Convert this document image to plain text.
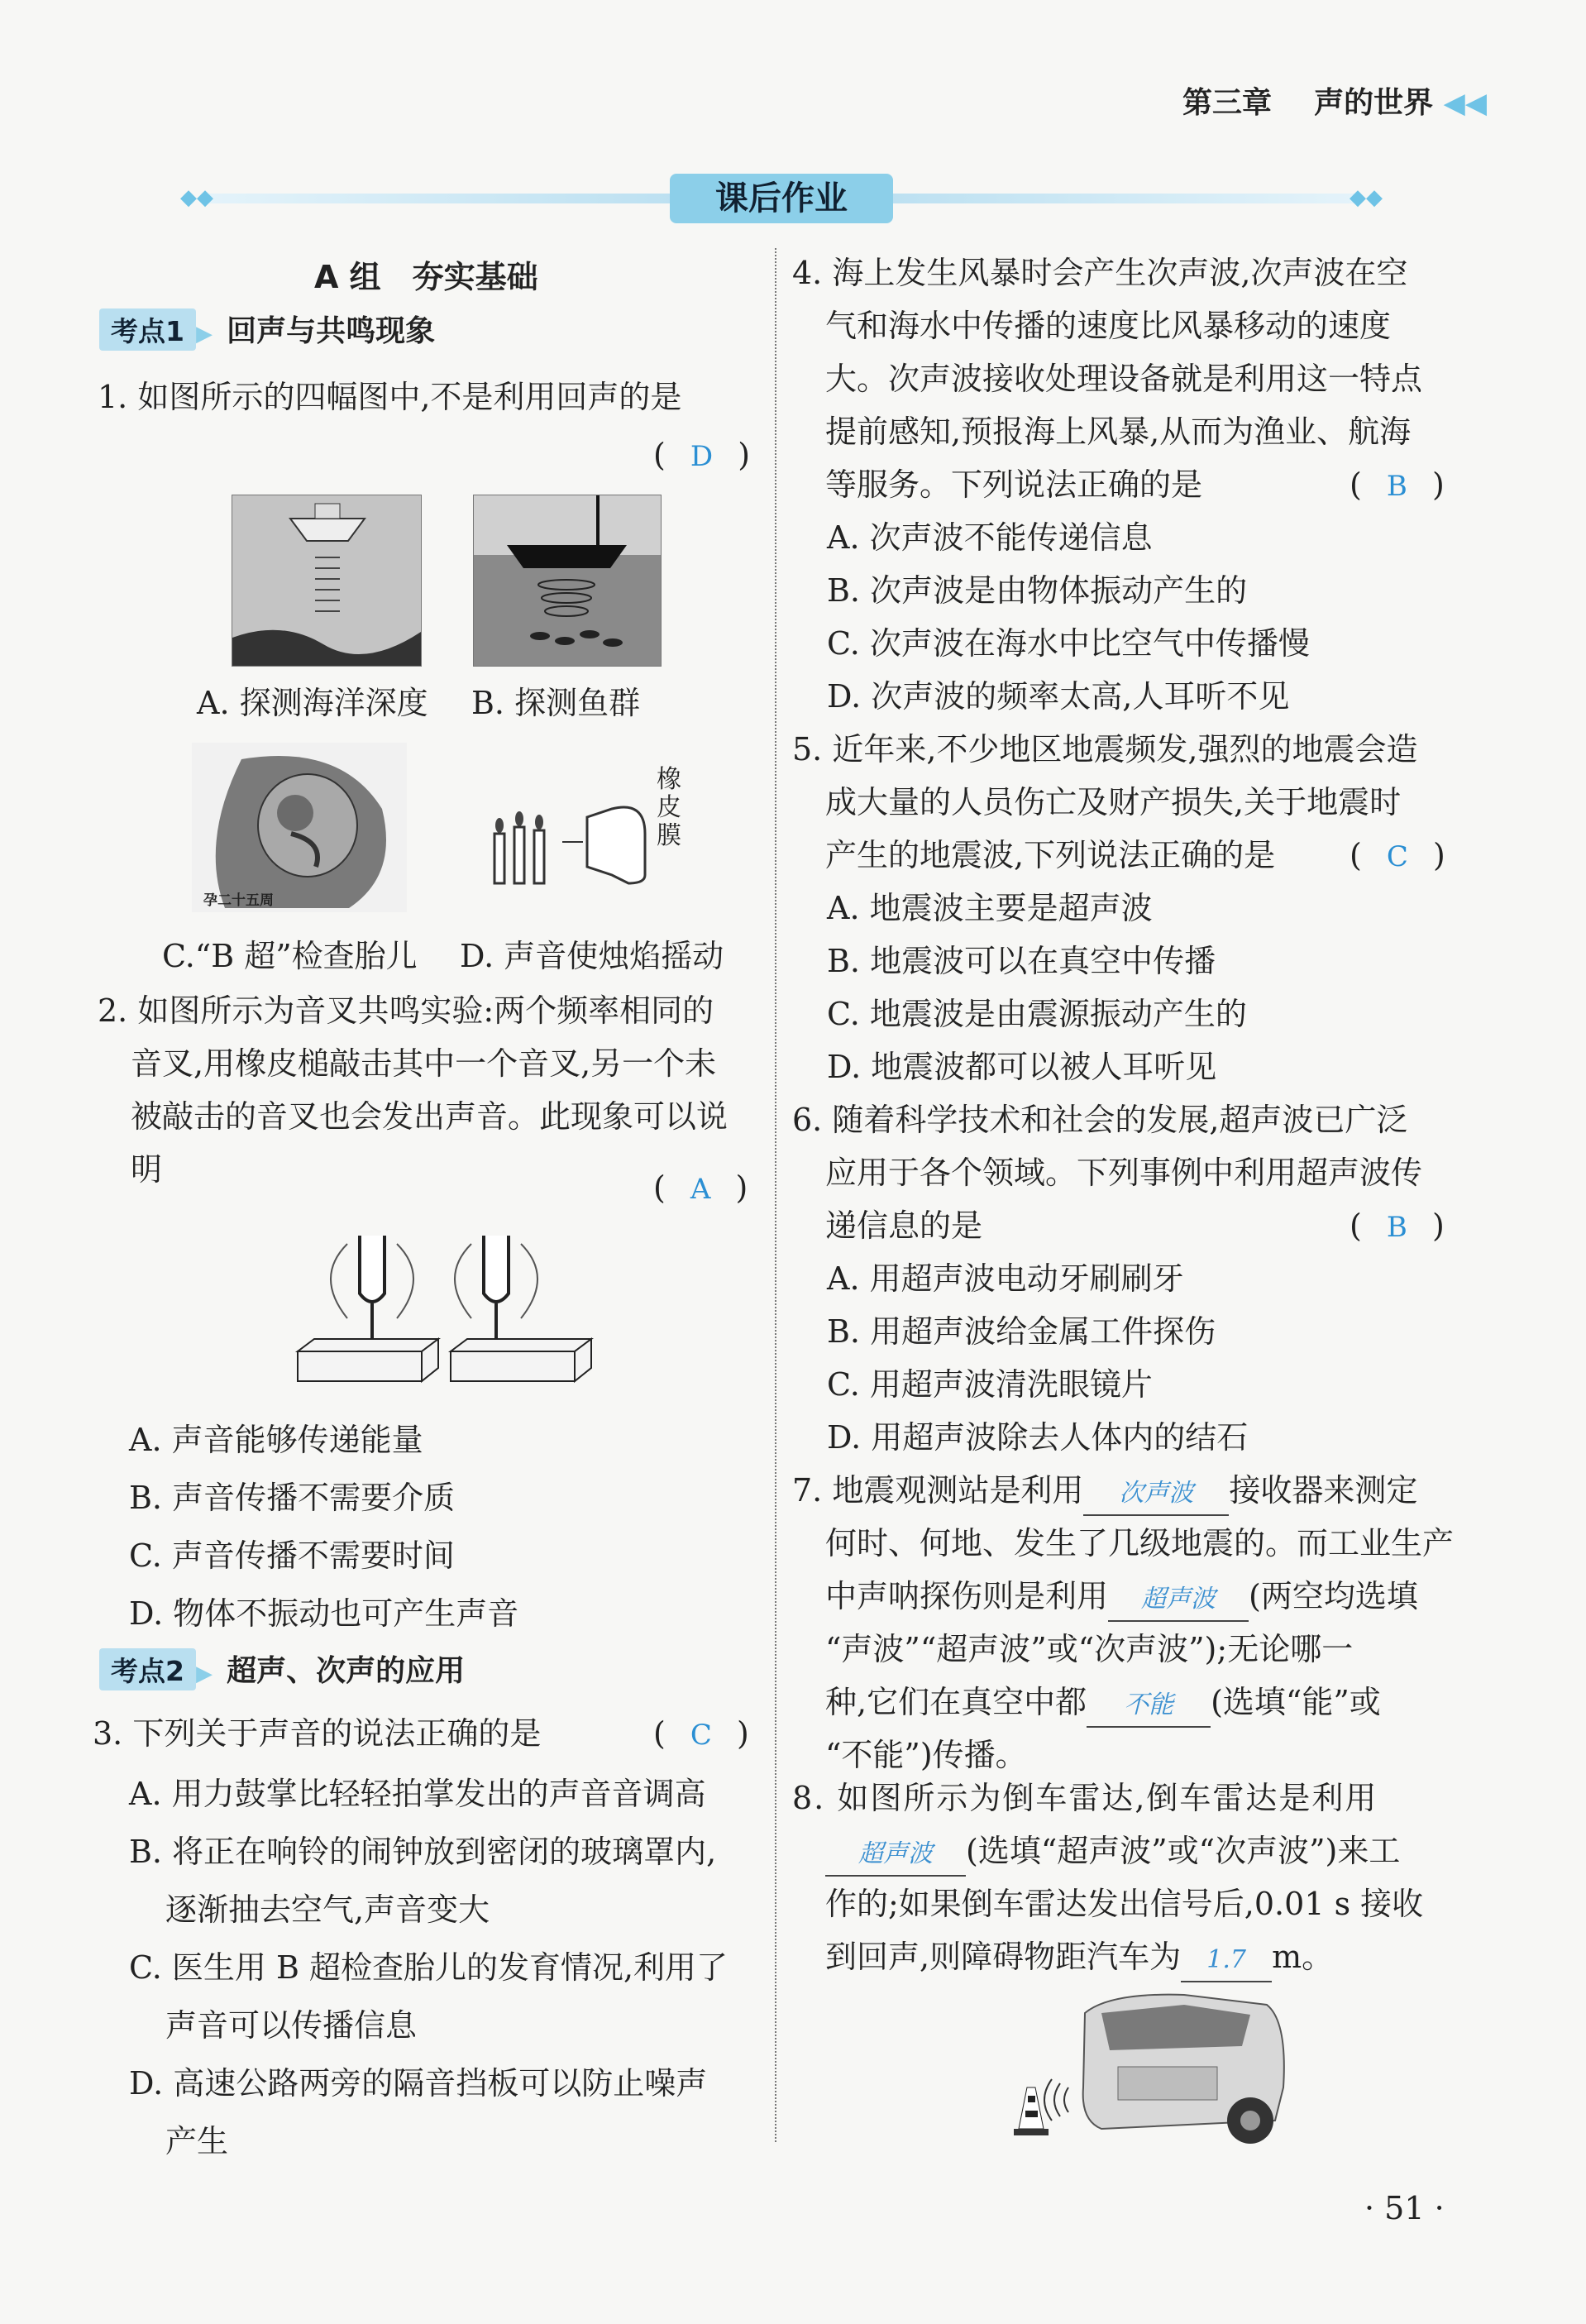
第三章 声的世界 ◀◀
◆◆	◆◆
课后作业
A 组　夯实基础
考点1 ▶ 回声与共鸣现象
1. 如图所示的四幅图中,不是利用回声的是
( D )
A. 探测海洋深度 B. 探测鱼群
孕二十五周
橡
皮
膜
C.“B 超”检查胎儿 D. 声音使烛焰摇动
2. 如图所示为音叉共鸣实验:两个频率相同的
音叉,用橡皮槌敲击其中一个音叉,另一个未
被敲击的音叉也会发出声音。此现象可以说
明	( A )
A. 声音能够传递能量
B. 声音传播不需要介质
C. 声音传播不需要时间
D. 物体不振动也可产生声音
考点2 ▶ 超声、次声的应用
3. 下列关于声音的说法正确的是	( C )
A. 用力鼓掌比轻轻拍掌发出的声音音调高
B. 将正在响铃的闹钟放到密闭的玻璃罩内,
逐渐抽去空气,声音变大
C. 医生用 B 超检查胎儿的发育情况,利用了
声音可以传播信息
D. 高速公路两旁的隔音挡板可以防止噪声
产生
4. 海上发生风暴时会产生次声波,次声波在空
气和海水中传播的速度比风暴移动的速度
大。次声波接收处理设备就是利用这一特点
提前感知,预报海上风暴,从而为渔业、航海
等服务。下列说法正确的是	( B )
A. 次声波不能传递信息
B. 次声波是由物体振动产生的
C. 次声波在海水中比空气中传播慢
D. 次声波的频率太高,人耳听不见
5. 近年来,不少地区地震频发,强烈的地震会造
成大量的人员伤亡及财产损失,关于地震时
产生的地震波,下列说法正确的是	( C )
A. 地震波主要是超声波
B. 地震波可以在真空中传播
C. 地震波是由震源振动产生的
D. 地震波都可以被人耳听见
6. 随着科学技术和社会的发展,超声波已广泛
应用于各个领域。下列事例中利用超声波传
递信息的是	( B )
A. 用超声波电动牙刷刷牙
B. 用超声波给金属工件探伤
C. 用超声波清洗眼镜片
D. 用超声波除去人体内的结石
7. 地震观测站是利用 次声波 接收器来测定
何时、何地、发生了几级地震的。而工业生产
中声呐探伤则是利用 超声波 (两空均选填
“声波”“超声波”或“次声波”);无论哪一
种,它们在真空中都 不能 (选填“能”或
“不能”)传播。
8. 如图所示为倒车雷达,倒车雷达是利用
超声波 (选填“超声波”或“次声波”)来工
作的;如果倒车雷达发出信号后,0.01 s 接收
到回声,则障碍物距汽车为 1.7 m。
· 51 ·
